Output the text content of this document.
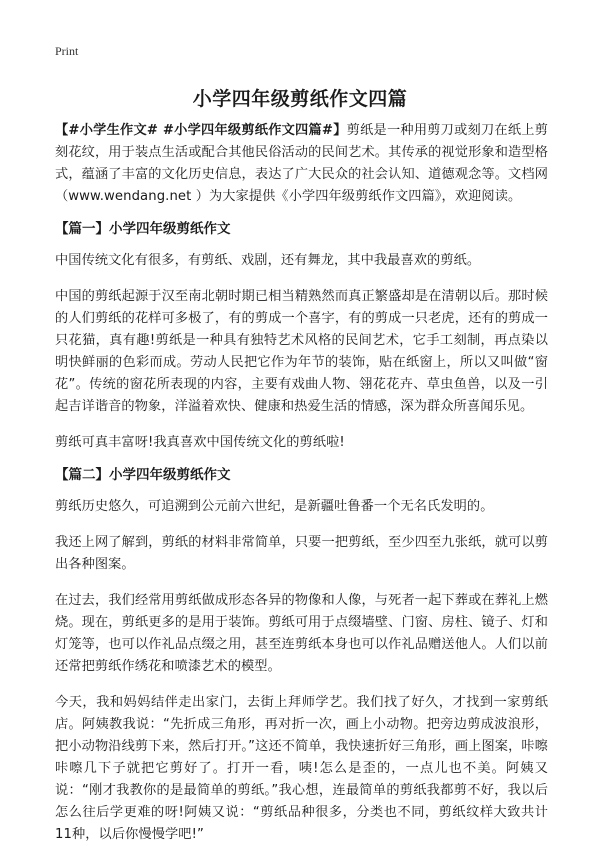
Print
小学四年级剪纸作文四篇

【#小学生作文# #小学四年级剪纸作文四篇#】剪纸是一种用剪刀或刻刀在纸上剪刻花纹，用于装点生活或配合其他民俗活动的民间艺术。其传承的视觉形象和造型格式，蕴涵了丰富的文化历史信息，表达了广大民众的社会认知、道德观念等。文档网（www.wendang.net ）为大家提供《小学四年级剪纸作文四篇》，欢迎阅读。

【篇一】小学四年级剪纸作文

中国传统文化有很多，有剪纸、戏剧，还有舞龙，其中我最喜欢的剪纸。

中国的剪纸起源于汉至南北朝时期已相当精熟然而真正繁盛却是在清朝以后。那时候的人们剪纸的花样可多极了，有的剪成一个喜字，有的剪成一只老虎，还有的剪成一只花猫，真有趣!剪纸是一种具有独特艺术风格的民间艺术，它手工刻制，再点染以明快鲜丽的色彩而成。劳动人民把它作为年节的装饰，贴在纸窗上，所以又叫做“窗花”。传统的窗花所表现的内容，主要有戏曲人物、翎花花卉、草虫鱼兽，以及一引起吉详谐音的物象，洋溢着欢快、健康和热爱生活的情感，深为群众所喜闻乐见。

剪纸可真丰富呀!我真喜欢中国传统文化的剪纸啦!

【篇二】小学四年级剪纸作文

剪纸历史悠久，可追溯到公元前六世纪，是新疆吐鲁番一个无名氏发明的。

我还上网了解到，剪纸的材料非常简单，只要一把剪纸，至少四至九张纸，就可以剪出各种图案。

在过去，我们经常用剪纸做成形态各异的物像和人像，与死者一起下葬或在葬礼上燃烧。现在，剪纸更多的是用于装饰。剪纸可用于点缀墙壁、门窗、房柱、镜子、灯和灯笼等，也可以作礼品点缀之用，甚至连剪纸本身也可以作礼品赠送他人。人们以前还常把剪纸作绣花和喷漆艺术的模型。

今天，我和妈妈结伴走出家门，去街上拜师学艺。我们找了好久，才找到一家剪纸店。阿姨教我说：“先折成三角形，再对折一次，画上小动物。把旁边剪成波浪形，把小动物沿线剪下来，然后打开。”这还不简单，我快速折好三角形，画上图案，咔嚓咔嚓几下子就把它剪好了。打开一看，咦!怎么是歪的，一点儿也不美。阿姨又说：“刚才我教你的是最简单的剪纸。”我心想，连最简单的剪纸我都剪不好，我以后怎么往后学更难的呀!阿姨又说：“剪纸品种很多，分类也不同，剪纸纹样大致共计11种，以后你慢慢学吧!”
